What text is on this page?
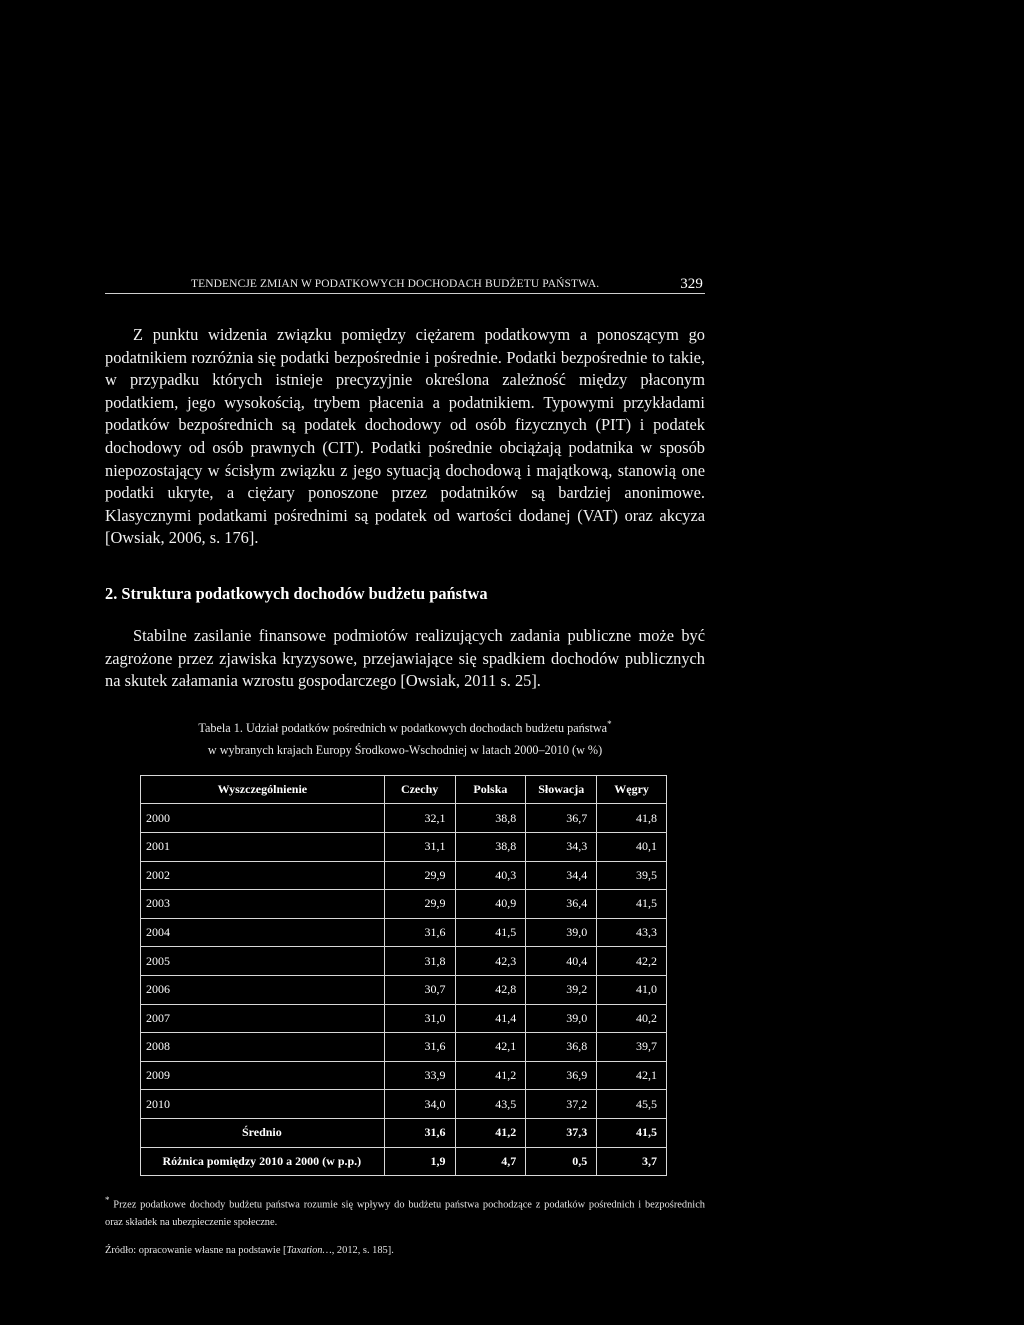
TENDENCJE ZMIAN W PODATKOWYCH DOCHODACH BUDŻETU PAŃSTWA.	329

Z punktu widzenia związku pomiędzy ciężarem podatkowym a ponoszącym go podatnikiem rozróżnia się podatki bezpośrednie i pośrednie. Podatki bezpośrednie to takie, w przypadku których istnieje precyzyjnie określona zależność między płaconym podatkiem, jego wysokością, trybem płacenia a podatnikiem. Typowymi przykładami podatków bezpośrednich są podatek dochodowy od osób fizycznych (PIT) i podatek dochodowy od osób prawnych (CIT). Podatki pośrednie obciążają podatnika w sposób niepozostający w ścisłym związku z jego sytuacją dochodową i majątkową, stanowią one podatki ukryte, a ciężary ponoszone przez podatników są bardziej anonimowe. Klasycznymi podatkami pośrednimi są podatek od wartości dodanej (VAT) oraz akcyza [Owsiak, 2006, s. 176].

2. Struktura podatkowych dochodów budżetu państwa

Stabilne zasilanie finansowe podmiotów realizujących zadania publiczne może być zagrożone przez zjawiska kryzysowe, przejawiające się spadkiem dochodów publicznych na skutek załamania wzrostu gospodarczego [Owsiak, 2011 s. 25].

Tabela 1. Udział podatków pośrednich w podatkowych dochodach budżetu państwa*
w wybranych krajach Europy Środkowo-Wschodniej w latach 2000–2010 (w %)
Wyszczególnienie	Czechy	Polska	Słowacja	Węgry
2000	32,1	38,8	36,7	41,8
2001	31,1	38,8	34,3	40,1
2002	29,9	40,3	34,4	39,5
2003	29,9	40,9	36,4	41,5
2004	31,6	41,5	39,0	43,3
2005	31,8	42,3	40,4	42,2
2006	30,7	42,8	39,2	41,0
2007	31,0	41,4	39,0	40,2
2008	31,6	42,1	36,8	39,7
2009	33,9	41,2	36,9	42,1
2010	34,0	43,5	37,2	45,5
Średnio	31,6	41,2	37,3	41,5
Różnica pomiędzy 2010 a 2000 (w p.p.)	1,9	4,7	0,5	3,7

* Przez podatkowe dochody budżetu państwa rozumie się wpływy do budżetu państwa pochodzące z podatków pośrednich i bezpośrednich oraz składek na ubezpieczenie społeczne.

Źródło: opracowanie własne na podstawie [Taxation…, 2012, s. 185].
